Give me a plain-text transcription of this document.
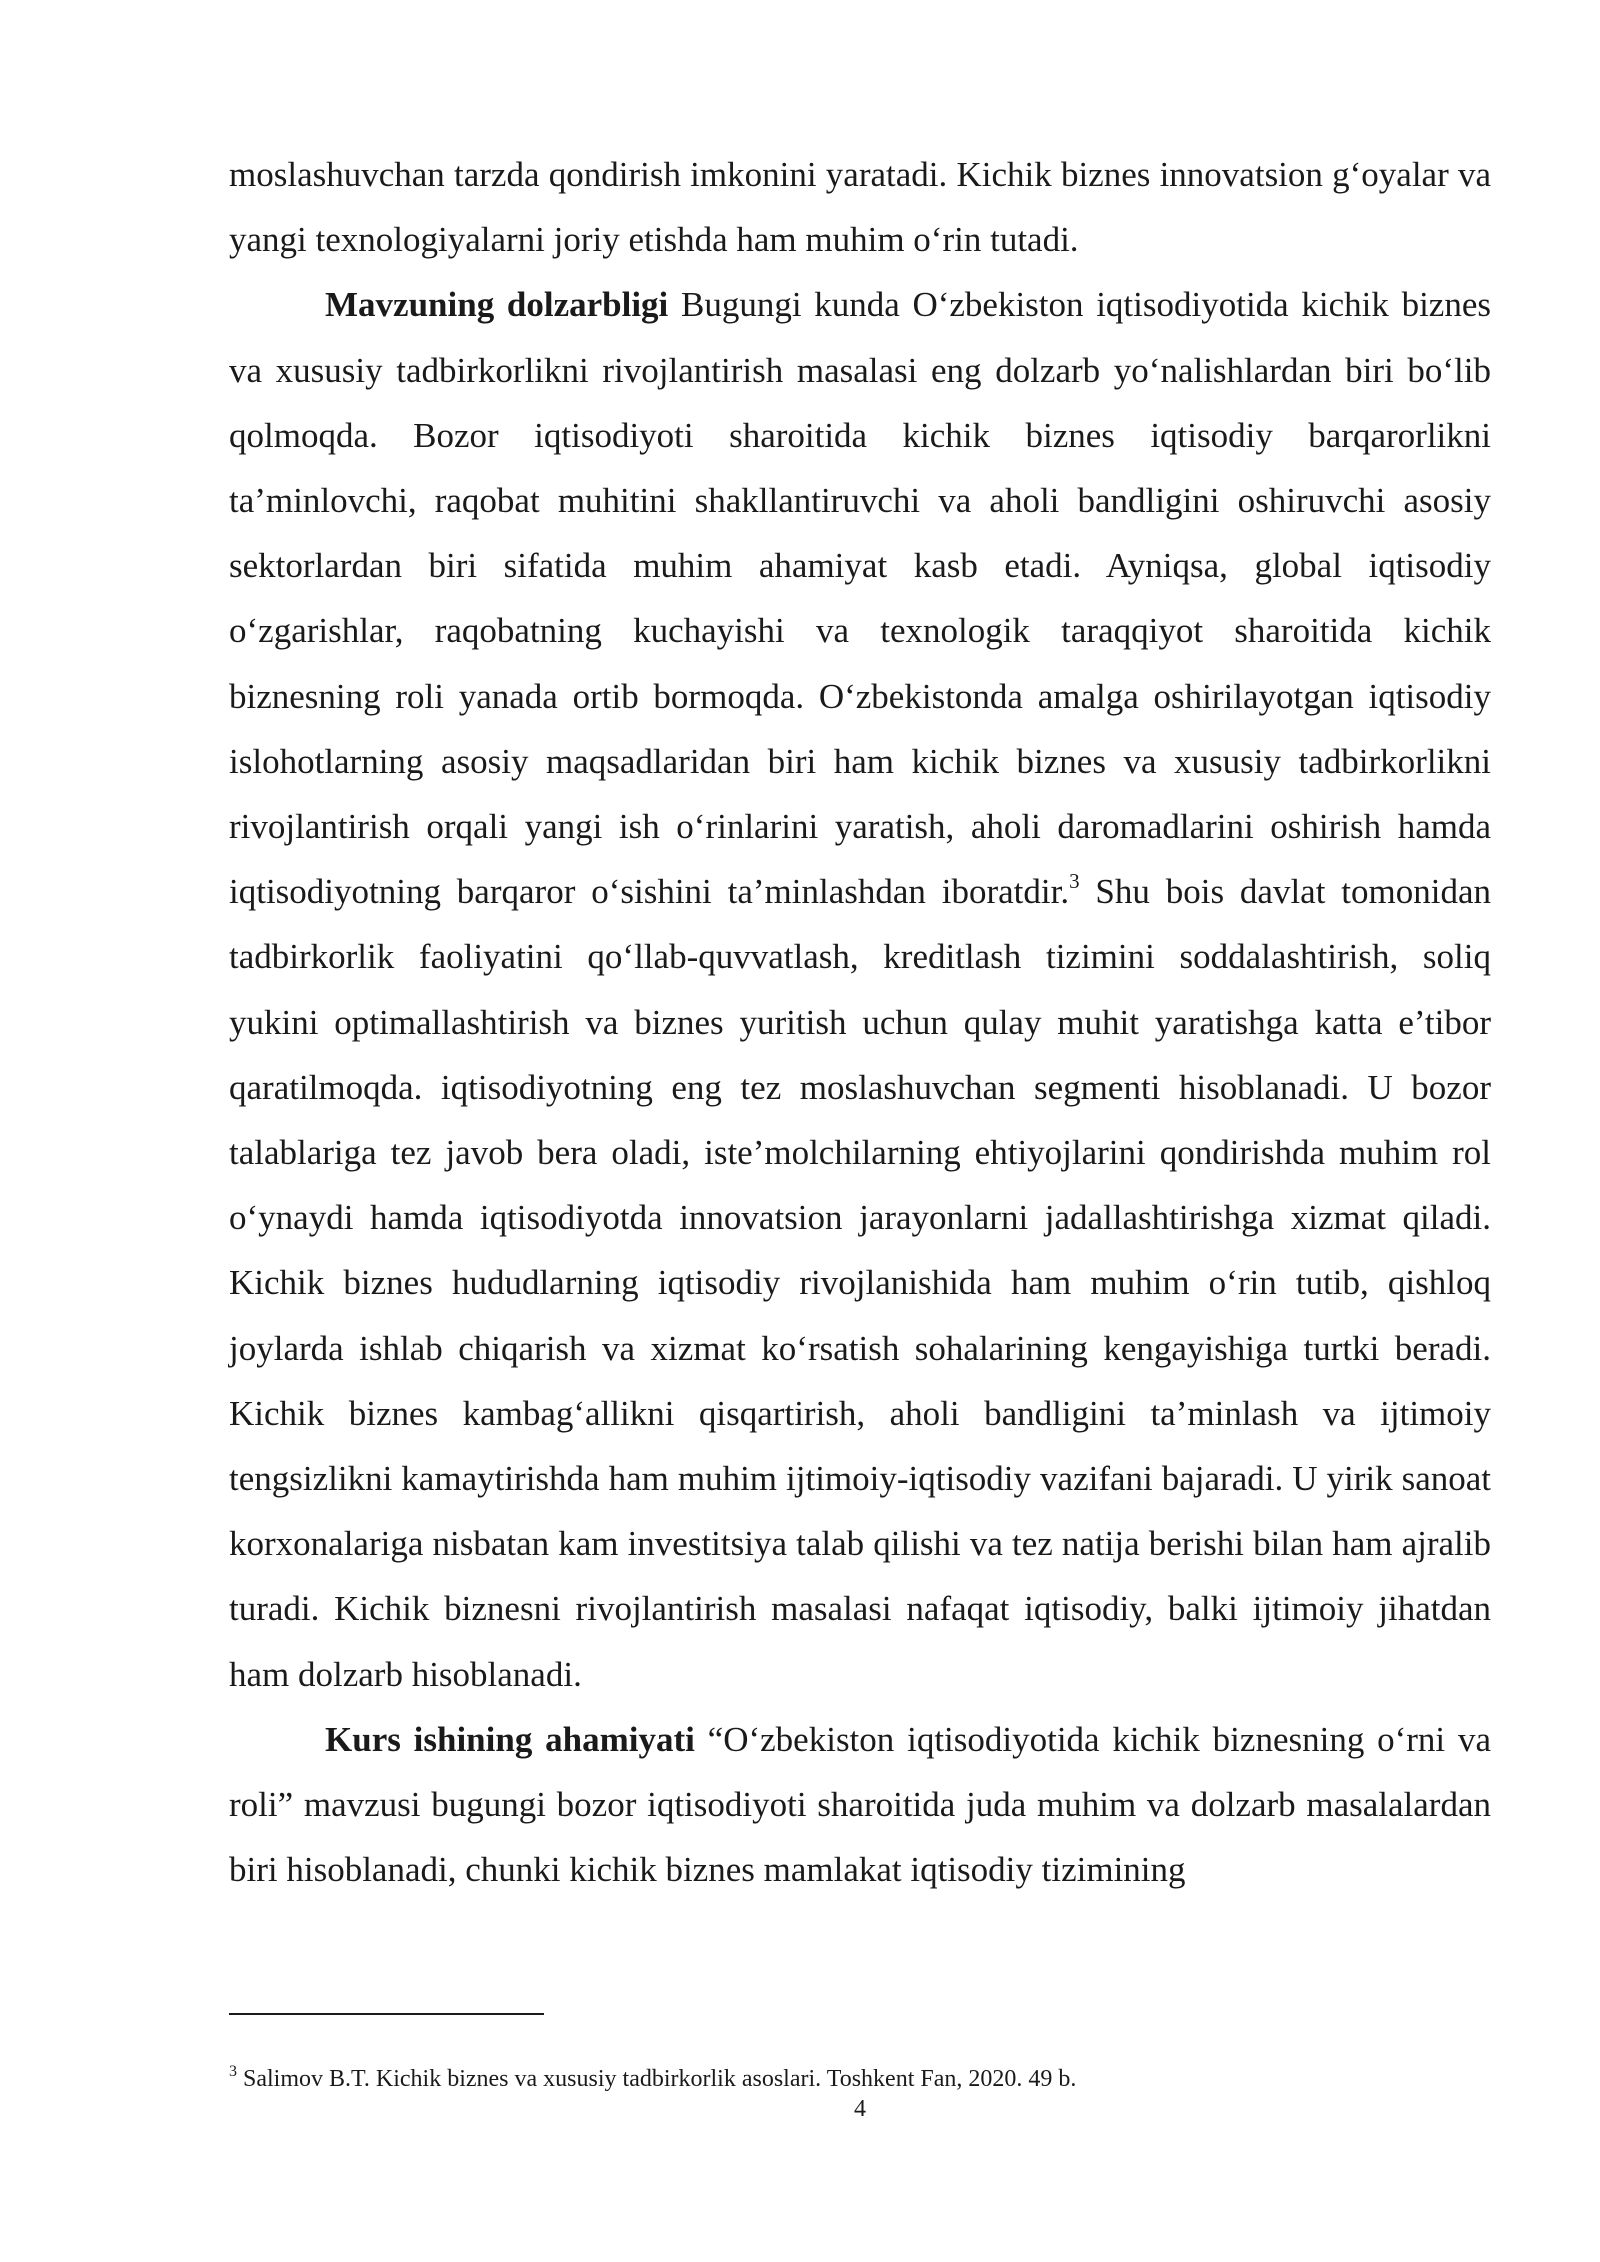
moslashuvchan tarzda qondirish imkonini yaratadi. Kichik biznes innovatsion g‘oyalar va yangi texnologiyalarni joriy etishda ham muhim o‘rin tutadi.

Mavzuning dolzarbligi Bugungi kunda O‘zbekiston iqtisodiyotida kichik biznes va xususiy tadbirkorlikni rivojlantirish masalasi eng dolzarb yo‘nalishlardan biri bo‘lib qolmoqda. Bozor iqtisodiyoti sharoitida kichik biznes iqtisodiy barqarorlikni ta’minlovchi, raqobat muhitini shakllantiruvchi va aholi bandligini oshiruvchi asosiy sektorlardan biri sifatida muhim ahamiyat kasb etadi. Ayniqsa, global iqtisodiy o‘zgarishlar, raqobatning kuchayishi va texnologik taraqqiyot sharoitida kichik biznesning roli yanada ortib bormoqda. O‘zbekistonda amalga oshirilayotgan iqtisodiy islohotlarning asosiy maqsadlaridan biri ham kichik biznes va xususiy tadbirkorlikni rivojlantirish orqali yangi ish o‘rinlarini yaratish, aholi daromadlarini oshirish hamda iqtisodiyotning barqaror o‘sishini ta’minlashdan iboratdir.$^3$ Shu bois davlat tomonidan tadbirkorlik faoliyatini qo‘llab-quvvatlash, kreditlash tizimini soddalashtirish, soliq yukini optimallashtirish va biznes yuritish uchun qulay muhit yaratishga katta e’tibor qaratilmoqda. iqtisodiyotning eng tez moslashuvchan segmenti hisoblanadi. U bozor talablariga tez javob bera oladi, iste’molchilarning ehtiyojlarini qondirishda muhim rol o‘ynaydi hamda iqtisodiyotda innovatsion jarayonlarni jadallashtirishga xizmat qiladi. Kichik biznes hududlarning iqtisodiy rivojlanishida ham muhim o‘rin tutib, qishloq joylarda ishlab chiqarish va xizmat ko‘rsatish sohalarining kengayishiga turtki beradi. Kichik biznes kambag‘allikni qisqartirish, aholi bandligini ta’minlash va ijtimoiy tengsizlikni kamaytirishda ham muhim ijtimoiy-iqtisodiy vazifani bajaradi. U yirik sanoat korxonalariga nisbatan kam investitsiya talab qilishi va tez natija berishi bilan ham ajralib turadi. Kichik biznesni rivojlantirish masalasi nafaqat iqtisodiy, balki ijtimoiy jihatdan ham dolzarb hisoblanadi.

Kurs ishining ahamiyati “O‘zbekiston iqtisodiyotida kichik biznesning o‘rni va roli” mavzusi bugungi bozor iqtisodiyoti sharoitida juda muhim va dolzarb masalalardan biri hisoblanadi, chunki kichik biznes mamlakat iqtisodiy tizimining

$^3$ Salimov B.T. Kichik biznes va xususiy tadbirkorlik asoslari. Toshkent Fan, 2020. 49 b.
4
